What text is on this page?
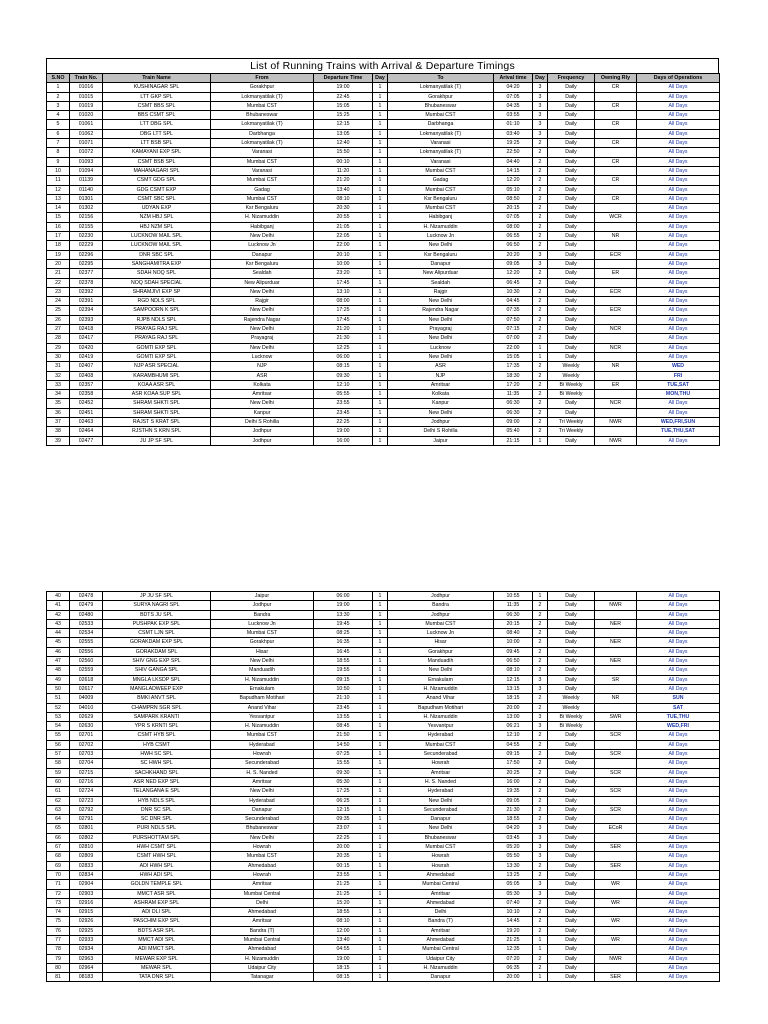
List of Running Trains with Arrival & Departure Timings
S.NO	Train No.	Train Name	From	Departure Time	Day	To	Arival time	Day	Frequency	Owning Rly	Days of Operations
1	01016	KUSHINAGAR SPL	Gorakhpur	19:00	1	Lokmanyatilak (T)	04:20	3	Daily	CR	All Days
2	01015	LTT GKP SPL	Lokmanyatilak (T)	22:45	1	Gorakhpur	07:05	3	Daily		All Days
3	01019	CSMT BBS SPL	Mumbai CST	15:05	1	Bhubaneswar	04:35	3	Daily	CR	All Days
4	01020	BBS CSMT SPL	Bhubaneswar	15:25	1	Mumbai CST	03:55	3	Daily		All Days
5	01061	LTT DBG SPL	Lokmanyatilak (T)	12:15	1	Darbhanga	01:10	3	Daily	CR	All Days
6	01062	DBG LTT SPL	Darbhanga	13:05	1	Lokmanyatilak (T)	03:40	3	Daily		All Days
7	01071	LTT BSB SPL	Lokmanyatilak (T)	12:40	1	Varanasi	19:25	2	Daily	CR	All Days
8	01072	KAMAYANI EXP SPL	Varanasi	15:50	1	Lokmanyatilak (T)	22:50	2	Daily		All Days
9	01093	CSMT BSB SPL	Mumbai CST	00:10	1	Varanasi	04:40	2	Daily	CR	All Days
10	01094	MAHANAGARI SPL	Varanasi	11:20	1	Mumbai CST	14:15	2	Daily		All Days
11	01139	CSMT GDG SPL	Mumbai CST	21:20	1	Gadag	12:20	2	Daily	CR	All Days
12	01140	GDG CSMT EXP	Gadag	13:40	1	Mumbai CST	05:10	2	Daily		All Days
13	01301	CSMT SBC SPL	Mumbai CST	08:10	1	Ksr Bengaluru	08:50	2	Daily	CR	All Days
14	01302	UDYAN EXP	Ksr Bengaluru	20:30	1	Mumbai CST	20:15	2	Daily		All Days
15	02156	NZM HBJ SPL	H. Nizamuddin	20:55	1	Habibganj	07:05	2	Daily	WCR	All Days
16	02155	HBJ NZM SPL	Habibganj	21:05	1	H. Nizamuddin	08:00	2	Daily		All Days
17	02230	LUCKNOW MAIL SPL	New Delhi	22:05	1	Lucknow Jn	06:55	2	Daily	NR	All Days
18	02229	LUCKNOW MAIL SPL	Lucknow Jn	22:00	1	New Delhi	06:50	2	Daily		All Days
19	02296	DNR SBC SPL	Danapur	20:10	1	Ksr Bengaluru	20:20	3	Daily	ECR	All Days
20	02295	SANGHAMITRA EXP	Ksr Bengaluru	10:00	1	Danapur	09:05	3	Daily		All Days
21	02377	SDAH NOQ SPL	Sealdah	23:20	1	New Alipurduar	12:20	2	Daily	ER	All Days
22	02378	NOQ SDAH SPECIAL	New Alipurduar	17:45	1	Sealdah	06:45	2	Daily		All Days
23	02392	SHRAMJIVI EXP SP	New Delhi	13:10	1	Rajgir	10:30	2	Daily	ECR	All Days
24	02391	RGD NDLS SPL	Rajgir	08:00	1	New Delhi	04:45	2	Daily		All Days
25	02394	SAMPOORN K SPL	New Delhi	17:25	1	Rajendra Nagar	07:35	2	Daily	ECR	All Days
26	02393	RJPB NDLS SPL	Rajendra Nagar	17:45	1	New Delhi	07:50	2	Daily		All Days
27	02418	PRAYAG RAJ SPL	New Delhi	21:20	1	Prayagraj	07:15	2	Daily	NCR	All Days
28	02417	PRAYAG RAJ SPL	Prayagraj	21:30	1	New Delhi	07:00	2	Daily		All Days
29	02420	GOMTI EXP SPL	New Delhi	12:25	1	Lucknow	22:00	1	Daily	NCR	All Days
30	02419	GOMTI EXP SPL	Lucknow	06:00	1	New Delhi	15:05	1	Daily		All Days
31	02407	NJP ASR SPECIAL	NJP	08:15	1	ASR	17:35	2	Weekly	NR	WED
32	02408	KARAMBHUMI SPL	ASR	09:30	1	NJP	18:30	2	Weekly		FRI
33	02357	KOAA ASR SPL	Kolkata	12:10	1	Amritsar	17:20	2	Bi Weekly	ER	TUE,SAT
34	02358	ASR KOAA SUP SPL	Amritsar	05:55	1	Kolkata	11:35	2	Bi Weekly		MON,THU
35	02452	SHRAM SHKTI SPL	New Delhi	23:55	1	Kanpur	06:30	2	Daily	NCR	All Days
36	02451	SHRAM SHKTI SPL	Kanpur	23:45	1	New Delhi	06:30	2	Daily		All Days
37	02463	RAJST S KRAT SPL	Delhi S Rohilla	22:25	1	Jodhpur	09:00	2	Tri Weekly	NWR	WED,FRI,SUN
38	02464	RJSTHN S KRN SPL	Jodhpur	19:00	1	Delhi S Rohilla	05:40	2	Tri Weekly		TUE,THU,SAT
39	02477	JU JP SF SPL	Jodhpur	16:00	1	Jaipur	21:15	1	Daily	NWR	All Days
40	02478	JP JU SF SPL	Jaipur	06:00	1	Jodhpur	10:55	1	Daily		All Days
41	02479	SURYA NAGRI SPL	Jodhpur	19:00	1	Bandra	11:35	2	Daily	NWR	All Days
42	02480	BDTS JU SPL	Bandra	13:30	1	Jodhpur	06:30	2	Daily		All Days
43	02533	PUSHPAK EXP SPL	Lucknow Jn	19:45	1	Mumbai CST	20:15	2	Daily	NER	All Days
44	02534	CSMT LJN SPL	Mumbai CST	08:25	1	Lucknow Jn	08:40	2	Daily		All Days
45	02555	GORAKDAM EXP SPL	Gorakhpur	16:35	1	Hisar	10:00	2	Daily	NER	All Days
46	02556	GORAKDAM SPL	Hisar	16:45	1	Gorakhpur	09:45	2	Daily		All Days
47	02560	SHIV GNG EXP SPL	New Delhi	18:55	1	Manduadih	06:50	2	Daily	NER	All Days
48	02559	SHIV GANGA SPL	Manduadih	19:55	1	New Delhi	08:10	2	Daily		All Days
49	02618	MNGLA LKSDP SPL	H. Nizamuddin	09:15	1	Ernakulam	12:15	3	Daily	SR	All Days
50	02617	MANGLADWEEP EXP	Ernakulam	10:50	1	H. Nizamuddin	13:15	3	Daily		All Days
51	04009	BMKI ANVT SPL	Bapudham Motihari	21:10	1	Anand Vihar	18:15	2	Weekly	NR	SUN
52	04010	CHAMPRN SGR SPL	Anand Vihar	23:45	1	Bapudham Motihari	20:00	2	Weekly		SAT
53	02629	SAMPARK KRANTI	Yesvantpur	13:55	1	H. Nizamuddin	13:00	3	Bi Weekly	SWR	TUE,THU
54	02630	YPR S KRNTI SPL	H. Nizamuddin	08:45	1	Yesvantpur	06:21	3	Bi Weekly		WED,FRI
55	02701	CSMT HYB SPL	Mumbai CST	21:50	1	Hyderabad	12:10	2	Daily	SCR	All Days
56	02702	HYB CSMT	Hyderabad	14:50	1	Mumbai CST	04:55	2	Daily		All Days
57	02703	HWH SC SPL	Howrah	07:25	1	Secunderabad	09:15	2	Daily	SCR	All Days
58	02704	SC HWH SPL	Secunderabad	15:55	1	Howrah	17:50	2	Daily		All Days
59	02715	SACHKHAND SPL	H. S. Nanded	09:30	1	Amritsar	20:25	2	Daily	SCR	All Days
60	02716	ASR NED EXP SPL	Amritsar	05:30	1	H. S. Nanded	16:00	2	Daily		All Days
61	02724	TELANGANA E SPL	New Delhi	17:25	1	Hyderabad	19:35	2	Daily	SCR	All Days
62	02723	HYB NDLS SPL	Hyderabad	06:25	1	New Delhi	09:05	2	Daily		All Days
63	02792	DNR SC SPL	Danapur	12:15	1	Secunderabad	21:30	2	Daily	SCR	All Days
64	02791	SC DNR SPL	Secunderabad	09:35	1	Danapur	18:55	2	Daily		All Days
65	02801	PURI NDLS SPL	Bhubaneswar	23:07	1	New Delhi	04:20	3	Daily	ECoR	All Days
66	02802	PURSHOTTAM SPL	New Delhi	22:25	1	Bhubaneswar	03:45	3	Daily		All Days
67	02810	HWH CSMT SPL	Howrah	20:00	1	Mumbai CST	05:20	3	Daily	SER	All Days
68	02809	CSMT HWH SPL	Mumbai CST	20:35	1	Howrah	05:50	3	Daily		All Days
69	02833	ADI HWH SPL	Ahmedabad	00:15	1	Howrah	13:30	2	Daily	SER	All Days
70	02834	HWH ADI SPL	Howrah	23:55	1	Ahmedabad	13:25	2	Daily		All Days
71	02904	GOLDN TEMPLE SPL	Amritsar	21:25	1	Mumbai Central	05:05	3	Daily	WR	All Days
72	02903	MMCT ASR SPL	Mumbai Central	21:25	1	Amritsar	05:30	3	Daily		All Days
73	02916	ASHRAM EXP SPL	Delhi	15:20	1	Ahmedabad	07:40	2	Daily	WR	All Days
74	02915	ADI DLI SPL	Ahmedabad	18:55	1	Delhi	10:10	2	Daily		All Days
75	02926	PASCHIM EXP SPL	Amritsar	08:10	1	Bandra (T)	14:45	2	Daily	WR	All Days
76	02925	BDTS ASR SPL	Bandra (T)	12:00	1	Amritsar	19:20	2	Daily		All Days
77	02933	MMCT ADI SPL	Mumbai Central	13:40	1	Ahmedabad	21:25	1	Daily	WR	All Days
78	02934	ADI MMCT SPL	Ahmedabad	04:55	1	Mumbai Central	12:35	1	Daily		All Days
79	02963	MEWAR EXP SPL	H. Nizamuddin	19:00	1	Udaipur City	07:20	2	Daily	NWR	All Days
80	02964	MEWAR SPL	Udaipur City	18:15	1	H. Nizamuddin	06:35	2	Daily		All Days
81	08183	TATA DNR SPL	Tatanagar	08:15	1	Danapur	20:00	1	Daily	SER	All Days
